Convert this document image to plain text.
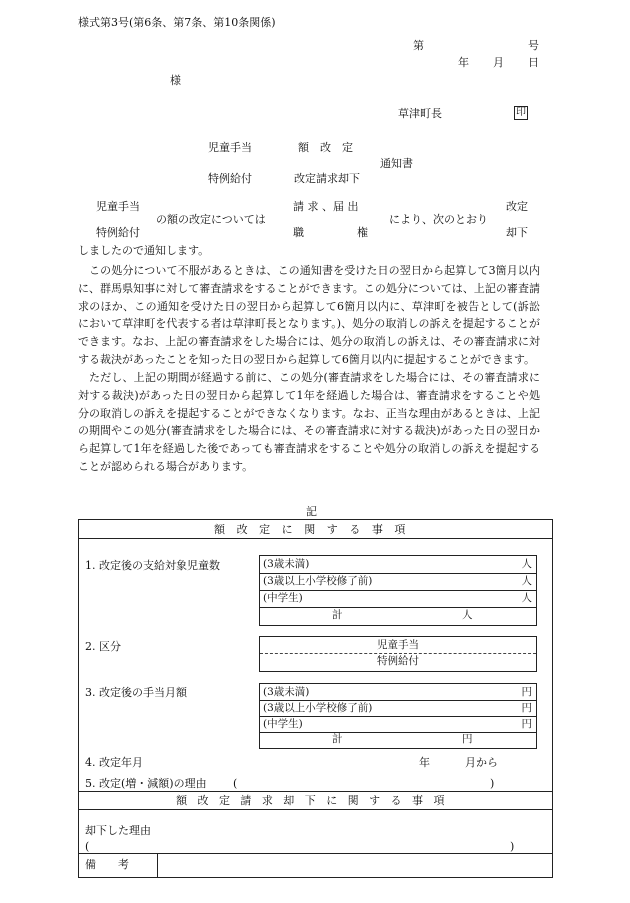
様式第3号(第6条、第7条、第10条関係)
第	号
年 月 日
様
草津町長	印
児童手当
特例給付
額　改　定
改定請求却下
通知書
児童手当
特例給付
の額の改定については
請 求 、届 出
職	権
により、次のとおり
改定
却下
しましたので通知します。
この処分について不服があるときは、この通知書を受けた日の翌日から起算して3箇月以内に、群馬県知事に対して審査請求をすることができます。この処分については、上記の審査請求のほか、この通知を受けた日の翌日から起算して6箇月以内に、草津町を被告として(訴訟において草津町を代表する者は草津町長となります。)、処分の取消しの訴えを提起することができます。なお、上記の審査請求をした場合には、処分の取消しの訴えは、その審査請求に対する裁決があったことを知った日の翌日から起算して6箇月以内に提起することができます。
ただし、上記の期間が経過する前に、この処分(審査請求をした場合には、その審査請求に対する裁決)があった日の翌日から起算して1年を経過した場合は、審査請求をすることや処分の取消しの訴えを提起することができなくなります。なお、正当な理由があるときは、上記の期間やこの処分(審査請求をした場合には、その審査請求に対する裁決)があった日の翌日から起算して1年を経過した後であっても審査請求をすることや処分の取消しの訴えを提起することが認められる場合があります。
記
額改定に関する事項
1. 改定後の支給対象児童数	(3歳未満)	人
(3歳以上小学校修了前)	人
(中学生)	人
計	人
2. 区分	児童手当
特例給付
3. 改定後の手当月額	(3歳未満)	円
(3歳以上小学校修了前)	円
(中学生)	円
計	円
4. 改定年月	年	月から
5. 改定(増・減額)の理由 (	)
額改定請求却下に関する事項
却下した理由
(	)
備　　考
